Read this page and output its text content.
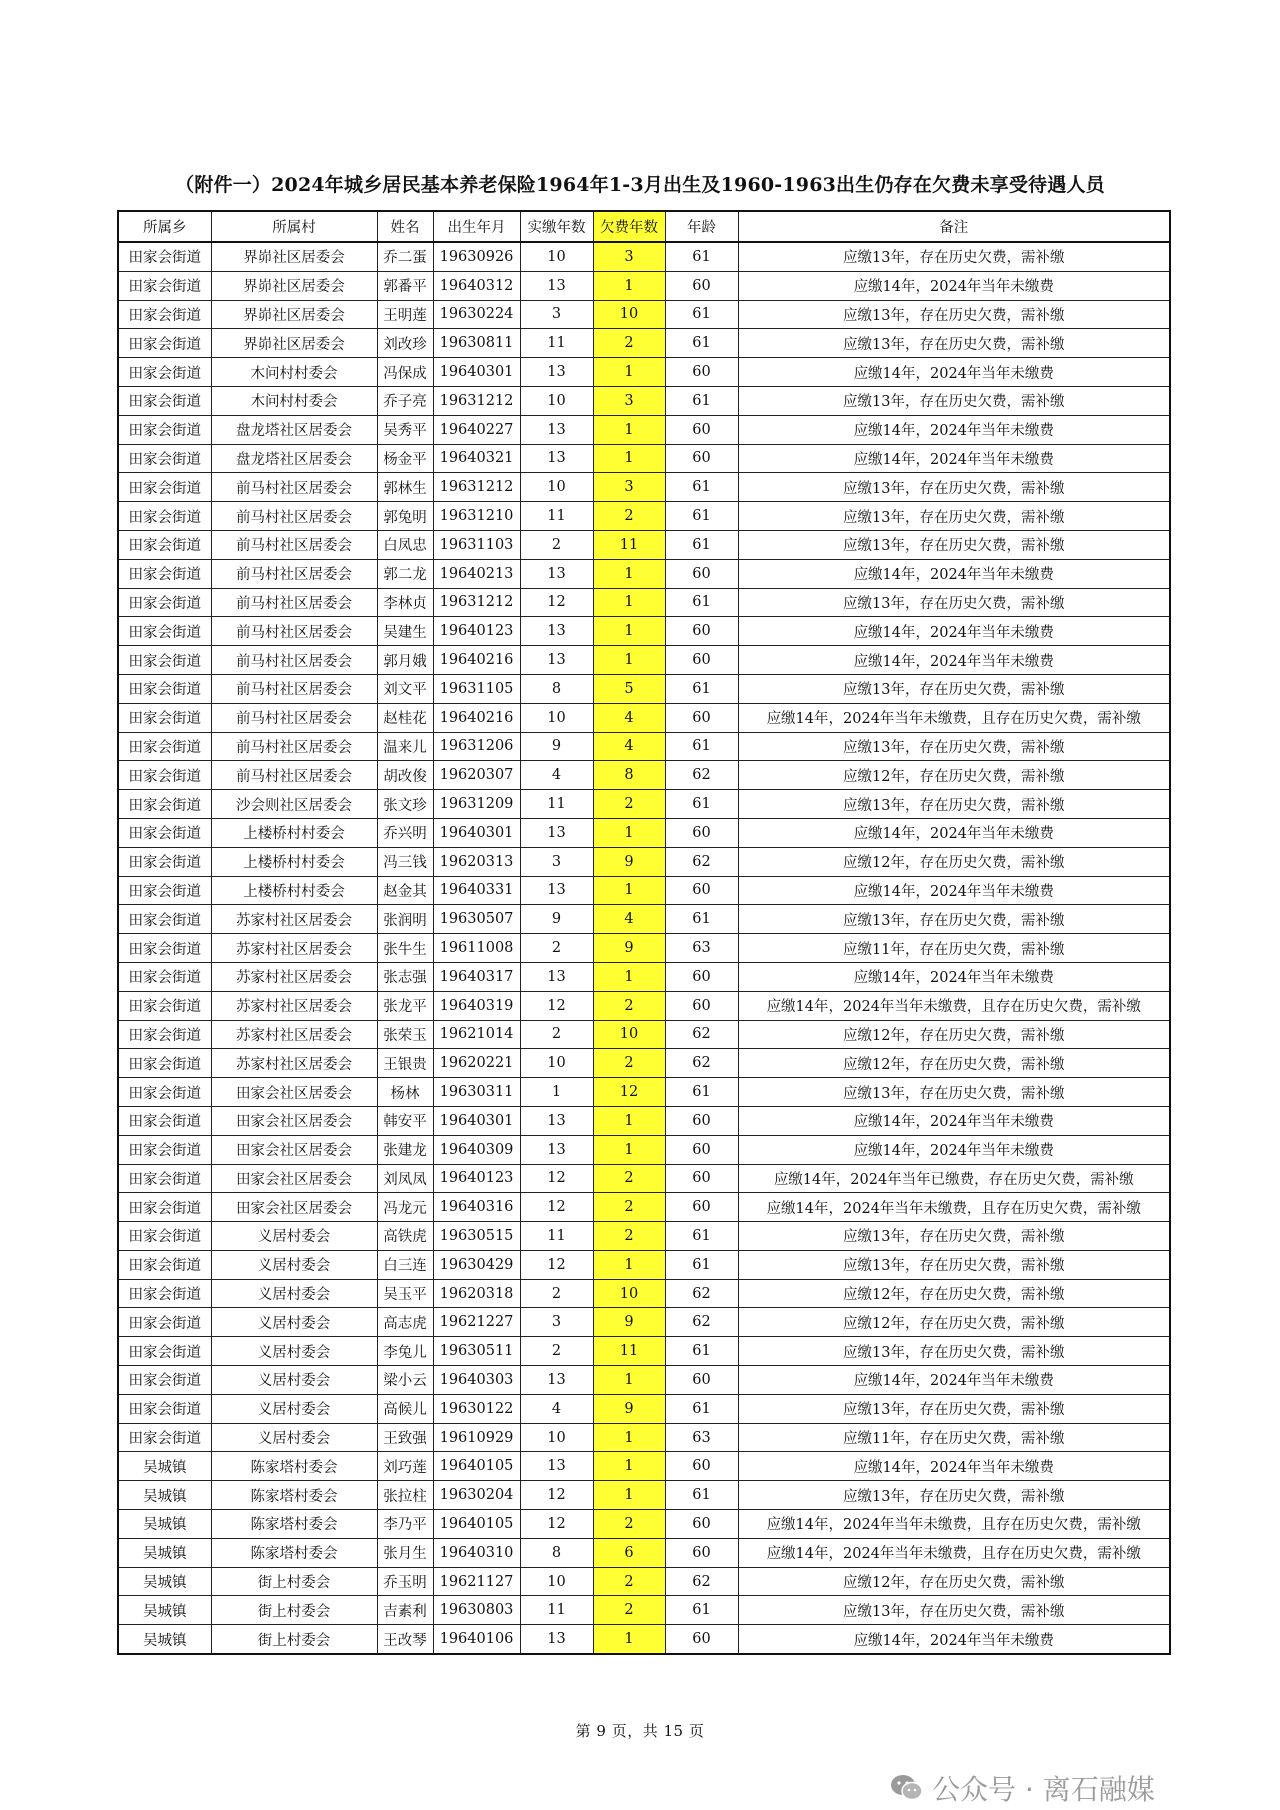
（附件一）2024年城乡居民基本养老保险1964年1-3月出生及1960-1963出生仍存在欠费未享受待遇人员
所属乡	所属村	姓名	出生年月	实缴年数	欠费年数	年龄	备注
田家会街道	界峁社区居委会	乔二蛋	19630926	10	3	61	应缴13年，存在历史欠费，需补缴
田家会街道	界峁社区居委会	郭番平	19640312	13	1	60	应缴14年，2024年当年未缴费
田家会街道	界峁社区居委会	王明莲	19630224	3	10	61	应缴13年，存在历史欠费，需补缴
田家会街道	界峁社区居委会	刘改珍	19630811	11	2	61	应缴13年，存在历史欠费，需补缴
田家会街道	木问村村委会	冯保成	19640301	13	1	60	应缴14年，2024年当年未缴费
田家会街道	木问村村委会	乔子亮	19631212	10	3	61	应缴13年，存在历史欠费，需补缴
田家会街道	盘龙塔社区居委会	吴秀平	19640227	13	1	60	应缴14年，2024年当年未缴费
田家会街道	盘龙塔社区居委会	杨金平	19640321	13	1	60	应缴14年，2024年当年未缴费
田家会街道	前马村社区居委会	郭林生	19631212	10	3	61	应缴13年，存在历史欠费，需补缴
田家会街道	前马村社区居委会	郭兔明	19631210	11	2	61	应缴13年，存在历史欠费，需补缴
田家会街道	前马村社区居委会	白凤忠	19631103	2	11	61	应缴13年，存在历史欠费，需补缴
田家会街道	前马村社区居委会	郭二龙	19640213	13	1	60	应缴14年，2024年当年未缴费
田家会街道	前马村社区居委会	李林贞	19631212	12	1	61	应缴13年，存在历史欠费，需补缴
田家会街道	前马村社区居委会	吴建生	19640123	13	1	60	应缴14年，2024年当年未缴费
田家会街道	前马村社区居委会	郭月娥	19640216	13	1	60	应缴14年，2024年当年未缴费
田家会街道	前马村社区居委会	刘文平	19631105	8	5	61	应缴13年，存在历史欠费，需补缴
田家会街道	前马村社区居委会	赵桂花	19640216	10	4	60	应缴14年，2024年当年未缴费，且存在历史欠费，需补缴
田家会街道	前马村社区居委会	温来儿	19631206	9	4	61	应缴13年，存在历史欠费，需补缴
田家会街道	前马村社区居委会	胡改俊	19620307	4	8	62	应缴12年，存在历史欠费，需补缴
田家会街道	沙会则社区居委会	张文珍	19631209	11	2	61	应缴13年，存在历史欠费，需补缴
田家会街道	上楼桥村村委会	乔兴明	19640301	13	1	60	应缴14年，2024年当年未缴费
田家会街道	上楼桥村村委会	冯三钱	19620313	3	9	62	应缴12年，存在历史欠费，需补缴
田家会街道	上楼桥村村委会	赵金其	19640331	13	1	60	应缴14年，2024年当年未缴费
田家会街道	苏家村社区居委会	张润明	19630507	9	4	61	应缴13年，存在历史欠费，需补缴
田家会街道	苏家村社区居委会	张牛生	19611008	2	9	63	应缴11年，存在历史欠费，需补缴
田家会街道	苏家村社区居委会	张志强	19640317	13	1	60	应缴14年，2024年当年未缴费
田家会街道	苏家村社区居委会	张龙平	19640319	12	2	60	应缴14年，2024年当年未缴费，且存在历史欠费，需补缴
田家会街道	苏家村社区居委会	张荣玉	19621014	2	10	62	应缴12年，存在历史欠费，需补缴
田家会街道	苏家村社区居委会	王银贵	19620221	10	2	62	应缴12年，存在历史欠费，需补缴
田家会街道	田家会社区居委会	杨林	19630311	1	12	61	应缴13年，存在历史欠费，需补缴
田家会街道	田家会社区居委会	韩安平	19640301	13	1	60	应缴14年，2024年当年未缴费
田家会街道	田家会社区居委会	张建龙	19640309	13	1	60	应缴14年，2024年当年未缴费
田家会街道	田家会社区居委会	刘凤凤	19640123	12	2	60	应缴14年，2024年当年已缴费，存在历史欠费，需补缴
田家会街道	田家会社区居委会	冯龙元	19640316	12	2	60	应缴14年，2024年当年未缴费，且存在历史欠费，需补缴
田家会街道	义居村委会	高铁虎	19630515	11	2	61	应缴13年，存在历史欠费，需补缴
田家会街道	义居村委会	白三连	19630429	12	1	61	应缴13年，存在历史欠费，需补缴
田家会街道	义居村委会	吴玉平	19620318	2	10	62	应缴12年，存在历史欠费，需补缴
田家会街道	义居村委会	高志虎	19621227	3	9	62	应缴12年，存在历史欠费，需补缴
田家会街道	义居村委会	李兔儿	19630511	2	11	61	应缴13年，存在历史欠费，需补缴
田家会街道	义居村委会	梁小云	19640303	13	1	60	应缴14年，2024年当年未缴费
田家会街道	义居村委会	高候儿	19630122	4	9	61	应缴13年，存在历史欠费，需补缴
田家会街道	义居村委会	王致强	19610929	10	1	63	应缴11年，存在历史欠费，需补缴
吴城镇	陈家塔村委会	刘巧莲	19640105	13	1	60	应缴14年，2024年当年未缴费
吴城镇	陈家塔村委会	张拉柱	19630204	12	1	61	应缴13年，存在历史欠费，需补缴
吴城镇	陈家塔村委会	李乃平	19640105	12	2	60	应缴14年，2024年当年未缴费，且存在历史欠费，需补缴
吴城镇	陈家塔村委会	张月生	19640310	8	6	60	应缴14年，2024年当年未缴费，且存在历史欠费，需补缴
吴城镇	街上村委会	乔玉明	19621127	10	2	62	应缴12年，存在历史欠费，需补缴
吴城镇	街上村委会	吉素利	19630803	11	2	61	应缴13年，存在历史欠费，需补缴
吴城镇	街上村委会	王改琴	19640106	13	1	60	应缴14年，2024年当年未缴费
第 9 页，共 15 页
公众号 · 离石融媒
